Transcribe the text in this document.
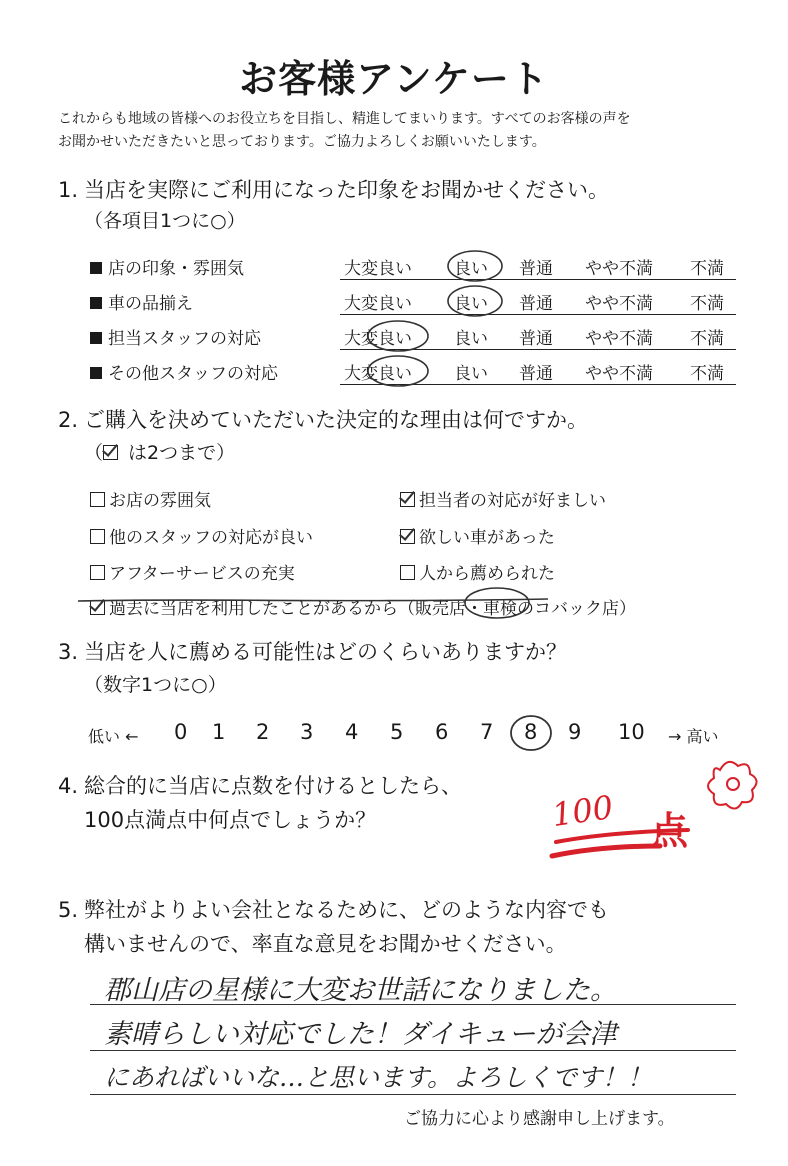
お客様アンケート
これからも地域の皆様へのお役立ちを目指し、精進してまいります。すべてのお客様の声を
お聞かせいただきたいと思っております。ご協力よろしくお願いいたします。
1. 当店を実際にご利用になった印象をお聞かせください。
（各項目1つに○）
店の印象・雰囲気	大変良い 良い 普通 やや不満 不満
車の品揃え	大変良い 良い 普通 やや不満 不満
担当スタッフの対応	大変良い 良い 普通 やや不満 不満
その他スタッフの対応	大変良い 良い 普通 やや不満 不満
2. ご購入を決めていただいた決定的な理由は何ですか。
（ は2つまで）
お店の雰囲気	担当者の対応が好ましい
他のスタッフの対応が良い	欲しい車があった
アフターサービスの充実	人から薦められた
過去に当店を利用したことがあるから（販売店・車検のコバック店）
3. 当店を人に薦める可能性はどのくらいありますか？
（数字1つに○）
低い ← 0 1 2 3 4 5 6 7 8 9 10 → 高い
4. 総合的に当店に点数を付けるとしたら、
100点満点中何点でしょうか？	100 点
5. 弊社がよりよい会社となるために、どのような内容でも
構いませんので、率直な意見をお聞かせください。
郡山店の星様に大変お世話になりました。
素晴らしい対応でした！ダイキューが会津
にあればいいな…と思います。よろしくです！！
ご協力に心より感謝申し上げます。
